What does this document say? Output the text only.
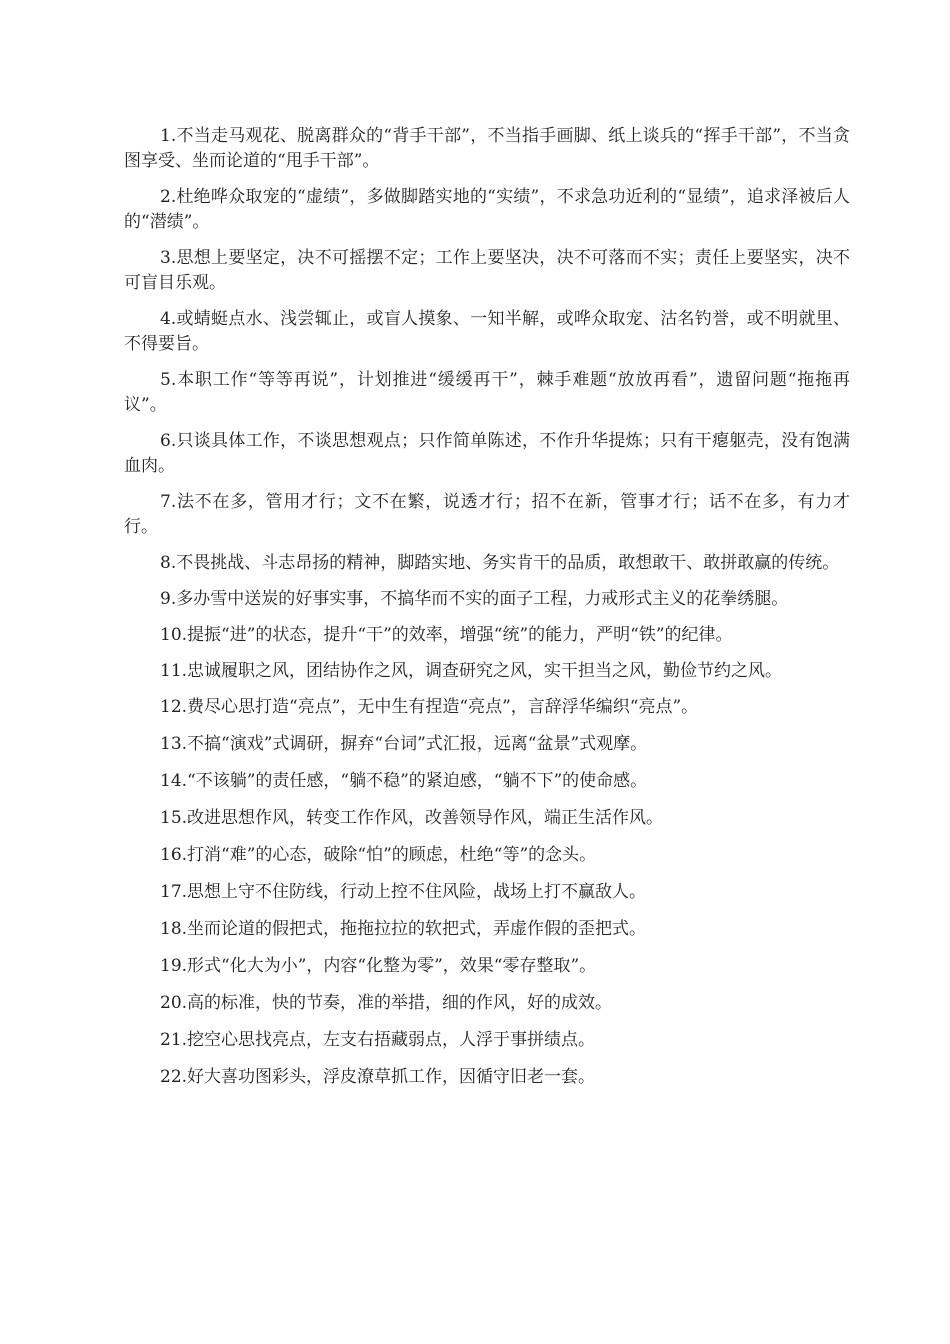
1.不当走马观花、脱离群众的“背手干部”，不当指手画脚、纸上谈兵的“挥手干部”，不当贪图享受、坐而论道的“甩手干部”。

2.杜绝哗众取宠的“虚绩”，多做脚踏实地的“实绩”，不求急功近利的“显绩”，追求泽被后人的“潜绩”。

3.思想上要坚定，决不可摇摆不定；工作上要坚决，决不可落而不实；责任上要坚实，决不可盲目乐观。

4.或蜻蜓点水、浅尝辄止，或盲人摸象、一知半解，或哗众取宠、沽名钓誉，或不明就里、不得要旨。

5.本职工作“等等再说”，计划推进“缓缓再干”，棘手难题“放放再看”，遗留问题“拖拖再议”。

6.只谈具体工作，不谈思想观点；只作简单陈述，不作升华提炼；只有干瘪躯壳，没有饱满血肉。

7.法不在多，管用才行；文不在繁，说透才行；招不在新，管事才行；话不在多，有力才行。

8.不畏挑战、斗志昂扬的精神，脚踏实地、务实肯干的品质，敢想敢干、敢拼敢赢的传统。

9.多办雪中送炭的好事实事，不搞华而不实的面子工程，力戒形式主义的花拳绣腿。

10.提振“进”的状态，提升“干”的效率，增强“统”的能力，严明“铁”的纪律。

11.忠诚履职之风，团结协作之风，调查研究之风，实干担当之风，勤俭节约之风。

12.费尽心思打造“亮点”，无中生有捏造“亮点”，言辞浮华编织“亮点”。

13.不搞“演戏”式调研，摒弃“台词”式汇报，远离“盆景”式观摩。

14.“不该躺”的责任感，“躺不稳”的紧迫感，“躺不下”的使命感。

15.改进思想作风，转变工作作风，改善领导作风，端正生活作风。

16.打消“难”的心态，破除“怕”的顾虑，杜绝“等”的念头。

17.思想上守不住防线，行动上控不住风险，战场上打不赢敌人。

18.坐而论道的假把式，拖拖拉拉的软把式，弄虚作假的歪把式。

19.形式“化大为小”，内容“化整为零”，效果“零存整取”。

20.高的标准，快的节奏，准的举措，细的作风，好的成效。

21.挖空心思找亮点，左支右捂藏弱点，人浮于事拼绩点。

22.好大喜功图彩头，浮皮潦草抓工作，因循守旧老一套。
